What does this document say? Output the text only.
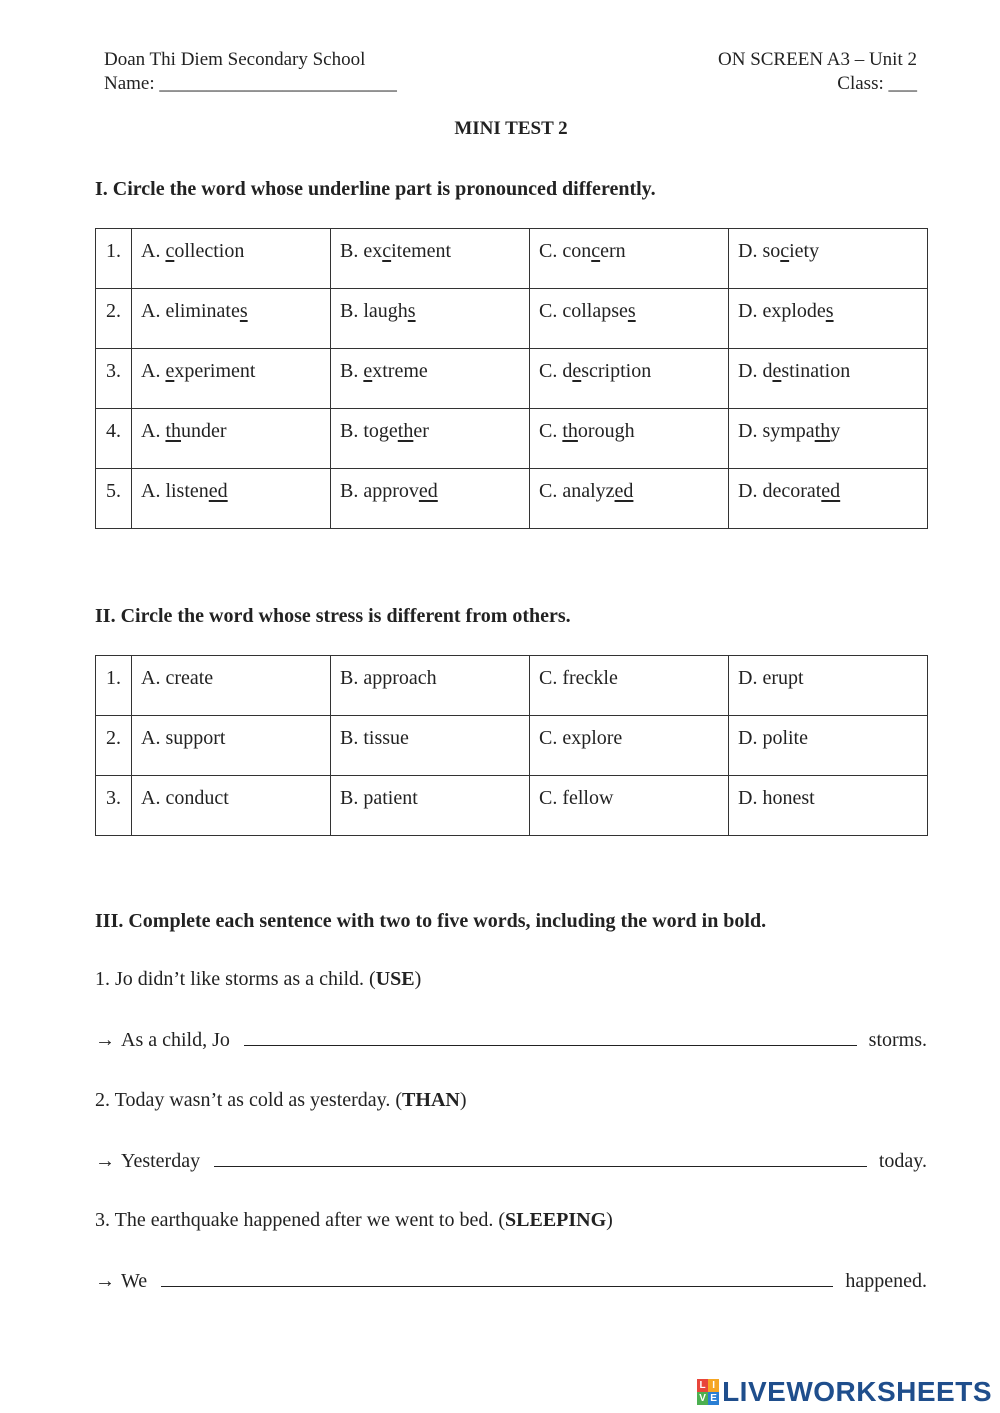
Doan Thi Diem Secondary School
Name: _________________________
ON SCREEN A3 – Unit 2
Class: ___
MINI TEST 2
I. Circle the word whose underline part is pronounced differently.
1.	A. collection	B. excitement	C. concern	D. society
2.	A. eliminates	B. laughs	C. collapses	D. explodes
3.	A. experiment	B. extreme	C. description	D. destination
4.	A. thunder	B. together	C. thorough	D. sympathy
5.	A. listened	B. approved	C. analyzed	D. decorated
II. Circle the word whose stress is different from others.
1.	A. create	B. approach	C. freckle	D. erupt
2.	A. support	B. tissue	C. explore	D. polite
3.	A. conduct	B. patient	C. fellow	D. honest
III. Complete each sentence with two to five words, including the word in bold.
1. Jo didn’t like storms as a child. (USE)
→ As a child, Jo	storms.
2. Today wasn’t as cold as yesterday. (THAN)
→ Yesterday	today.
3. The earthquake happened after we went to bed. (SLEEPING)
→ We	happened.
L I
V E LIVEWORKSHEETS
